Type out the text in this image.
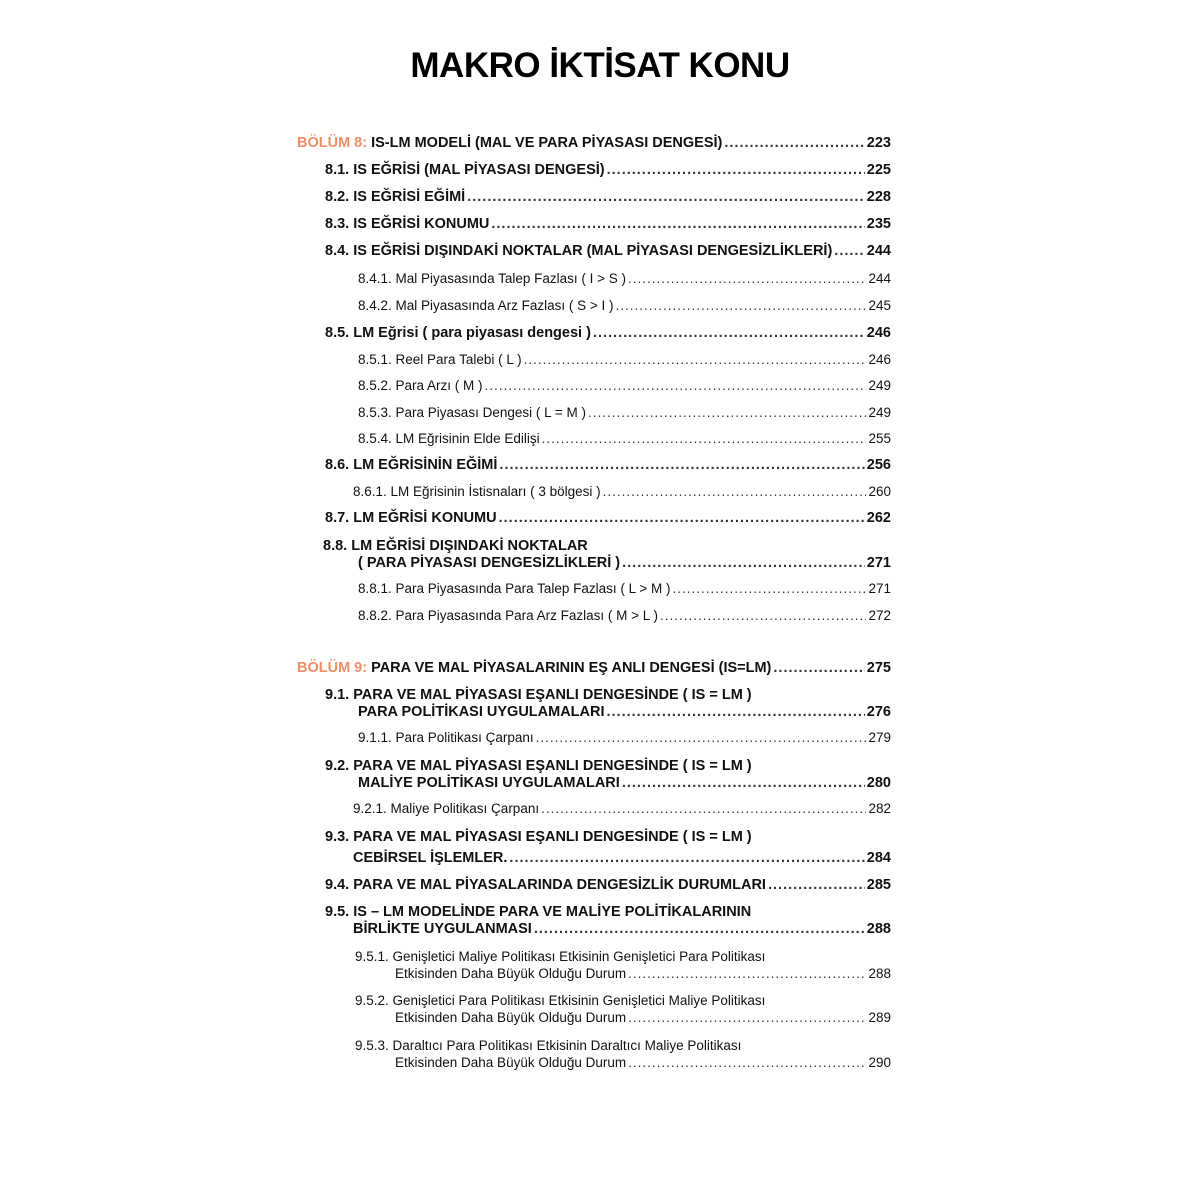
MAKRO İKTİSAT KONU
BÖLÜM 8: IS-LM MODELİ (MAL VE PARA PİYASASI DENGESİ) .....	223
8.1. IS EĞRİSİ (MAL PİYASASI DENGESİ) .....	225
8.2. IS EĞRİSİ EĞİMİ .....	228
8.3. IS EĞRİSİ KONUMU .....	235
8.4. IS EĞRİSİ DIŞINDAKİ NOKTALAR (MAL PİYASASI DENGESİZLİKLERİ) ..... 244
8.4.1. Mal Piyasasında Talep Fazlası ( I > S ) .....	244
8.4.2. Mal Piyasasında Arz Fazlası ( S > I ) .....	245
8.5. LM Eğrisi ( para piyasası dengesi ) .....	246
8.5.1. Reel Para Talebi ( L ) .....	246
8.5.2. Para Arzı ( M ) .....	249
8.5.3. Para Piyasası Dengesi ( L = M ) .....	249
8.5.4. LM Eğrisinin Elde Edilişi .....	255
8.6. LM EĞRİSİNİN EĞİMİ .....	256
8.6.1. LM Eğrisinin İstisnaları ( 3 bölgesi ) .....	260
8.7. LM EĞRİSİ KONUMU .....	262
8.8. LM EĞRİSİ DIŞINDAKİ NOKTALAR
( PARA PİYASASI DENGESİZLİKLERİ ) .....	271
8.8.1. Para Piyasasında Para Talep Fazlası ( L > M ) .....	271
8.8.2. Para Piyasasında Para Arz Fazlası ( M > L ) .....	272
BÖLÜM 9: PARA VE MAL PİYASALARININ EŞ ANLI DENGESİ (IS=LM) .....	275
9.1. PARA VE MAL PİYASASI EŞANLI DENGESİNDE ( IS = LM )
PARA POLİTİKASI UYGULAMALARI .....	276
9.1.1. Para Politikası Çarpanı .....	279
9.2. PARA VE MAL PİYASASI EŞANLI DENGESİNDE ( IS = LM )
MALİYE POLİTİKASI UYGULAMALARI .....	280
9.2.1. Maliye Politikası Çarpanı .....	282
9.3. PARA VE MAL PİYASASI EŞANLI DENGESİNDE ( IS = LM )
CEBİRSEL İŞLEMLER. .....	284
9.4. PARA VE MAL PİYASALARINDA DENGESİZLİK DURUMLARI .....	285
9.5. IS – LM MODELİNDE PARA VE MALİYE POLİTİKALARININ
BİRLİKTE UYGULANMASI .....	288
9.5.1. Genişletici Maliye Politikası Etkisinin Genişletici Para Politikası
Etkisinden Daha Büyük Olduğu Durum .....	288
9.5.2. Genişletici Para Politikası Etkisinin Genişletici Maliye Politikası
Etkisinden Daha Büyük Olduğu Durum .....	289
9.5.3. Daraltıcı Para Politikası Etkisinin Daraltıcı Maliye Politikası
Etkisinden Daha Büyük Olduğu Durum .....	290
